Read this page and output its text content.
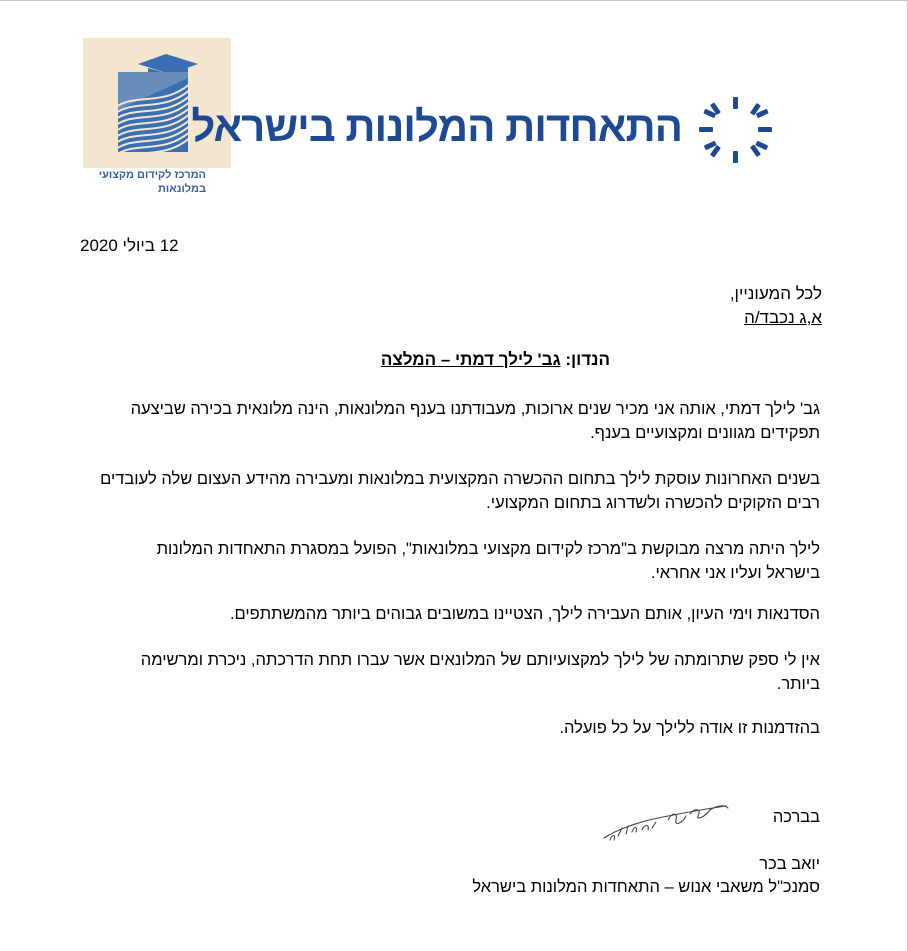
המרכז לקידום מקצועי
במלונאות
התאחדות המלונות בישראל
12 ביולי 2020
לכל המעוניין,
א,ג נכבד/ה
הנדון: גב' לילך דמתי – המלצה
גב' לילך דמתי, אותה אני מכיר שנים ארוכות, מעבודתנו בענף המלונאות, הינה מלונאית בכירה שביצעה תפקידים מגוונים ומקצועיים בענף.
בשנים האחרונות עוסקת לילך בתחום ההכשרה המקצועית במלונאות ומעבירה מהידע העצום שלה לעובדים רבים הזקוקים להכשרה ולשדרוג בתחום המקצועי.
לילך היתה מרצה מבוקשת ב"מרכז לקידום מקצועי במלונאות", הפועל במסגרת התאחדות המלונות בישראל ועליו אני אחראי.
הסדנאות וימי העיון, אותם העבירה לילך, הצטיינו במשובים גבוהים ביותר מהמשתתפים.
אין לי ספק שתרומתה של לילך למקצועיותם של המלונאים אשר עברו תחת הדרכתה, ניכרת ומרשימה ביותר.
בהזדמנות זו אודה ללילך על כל פועלה.
בברכה
יואב בכר
סמנכ"ל משאבי אנוש – התאחדות המלונות בישראל
